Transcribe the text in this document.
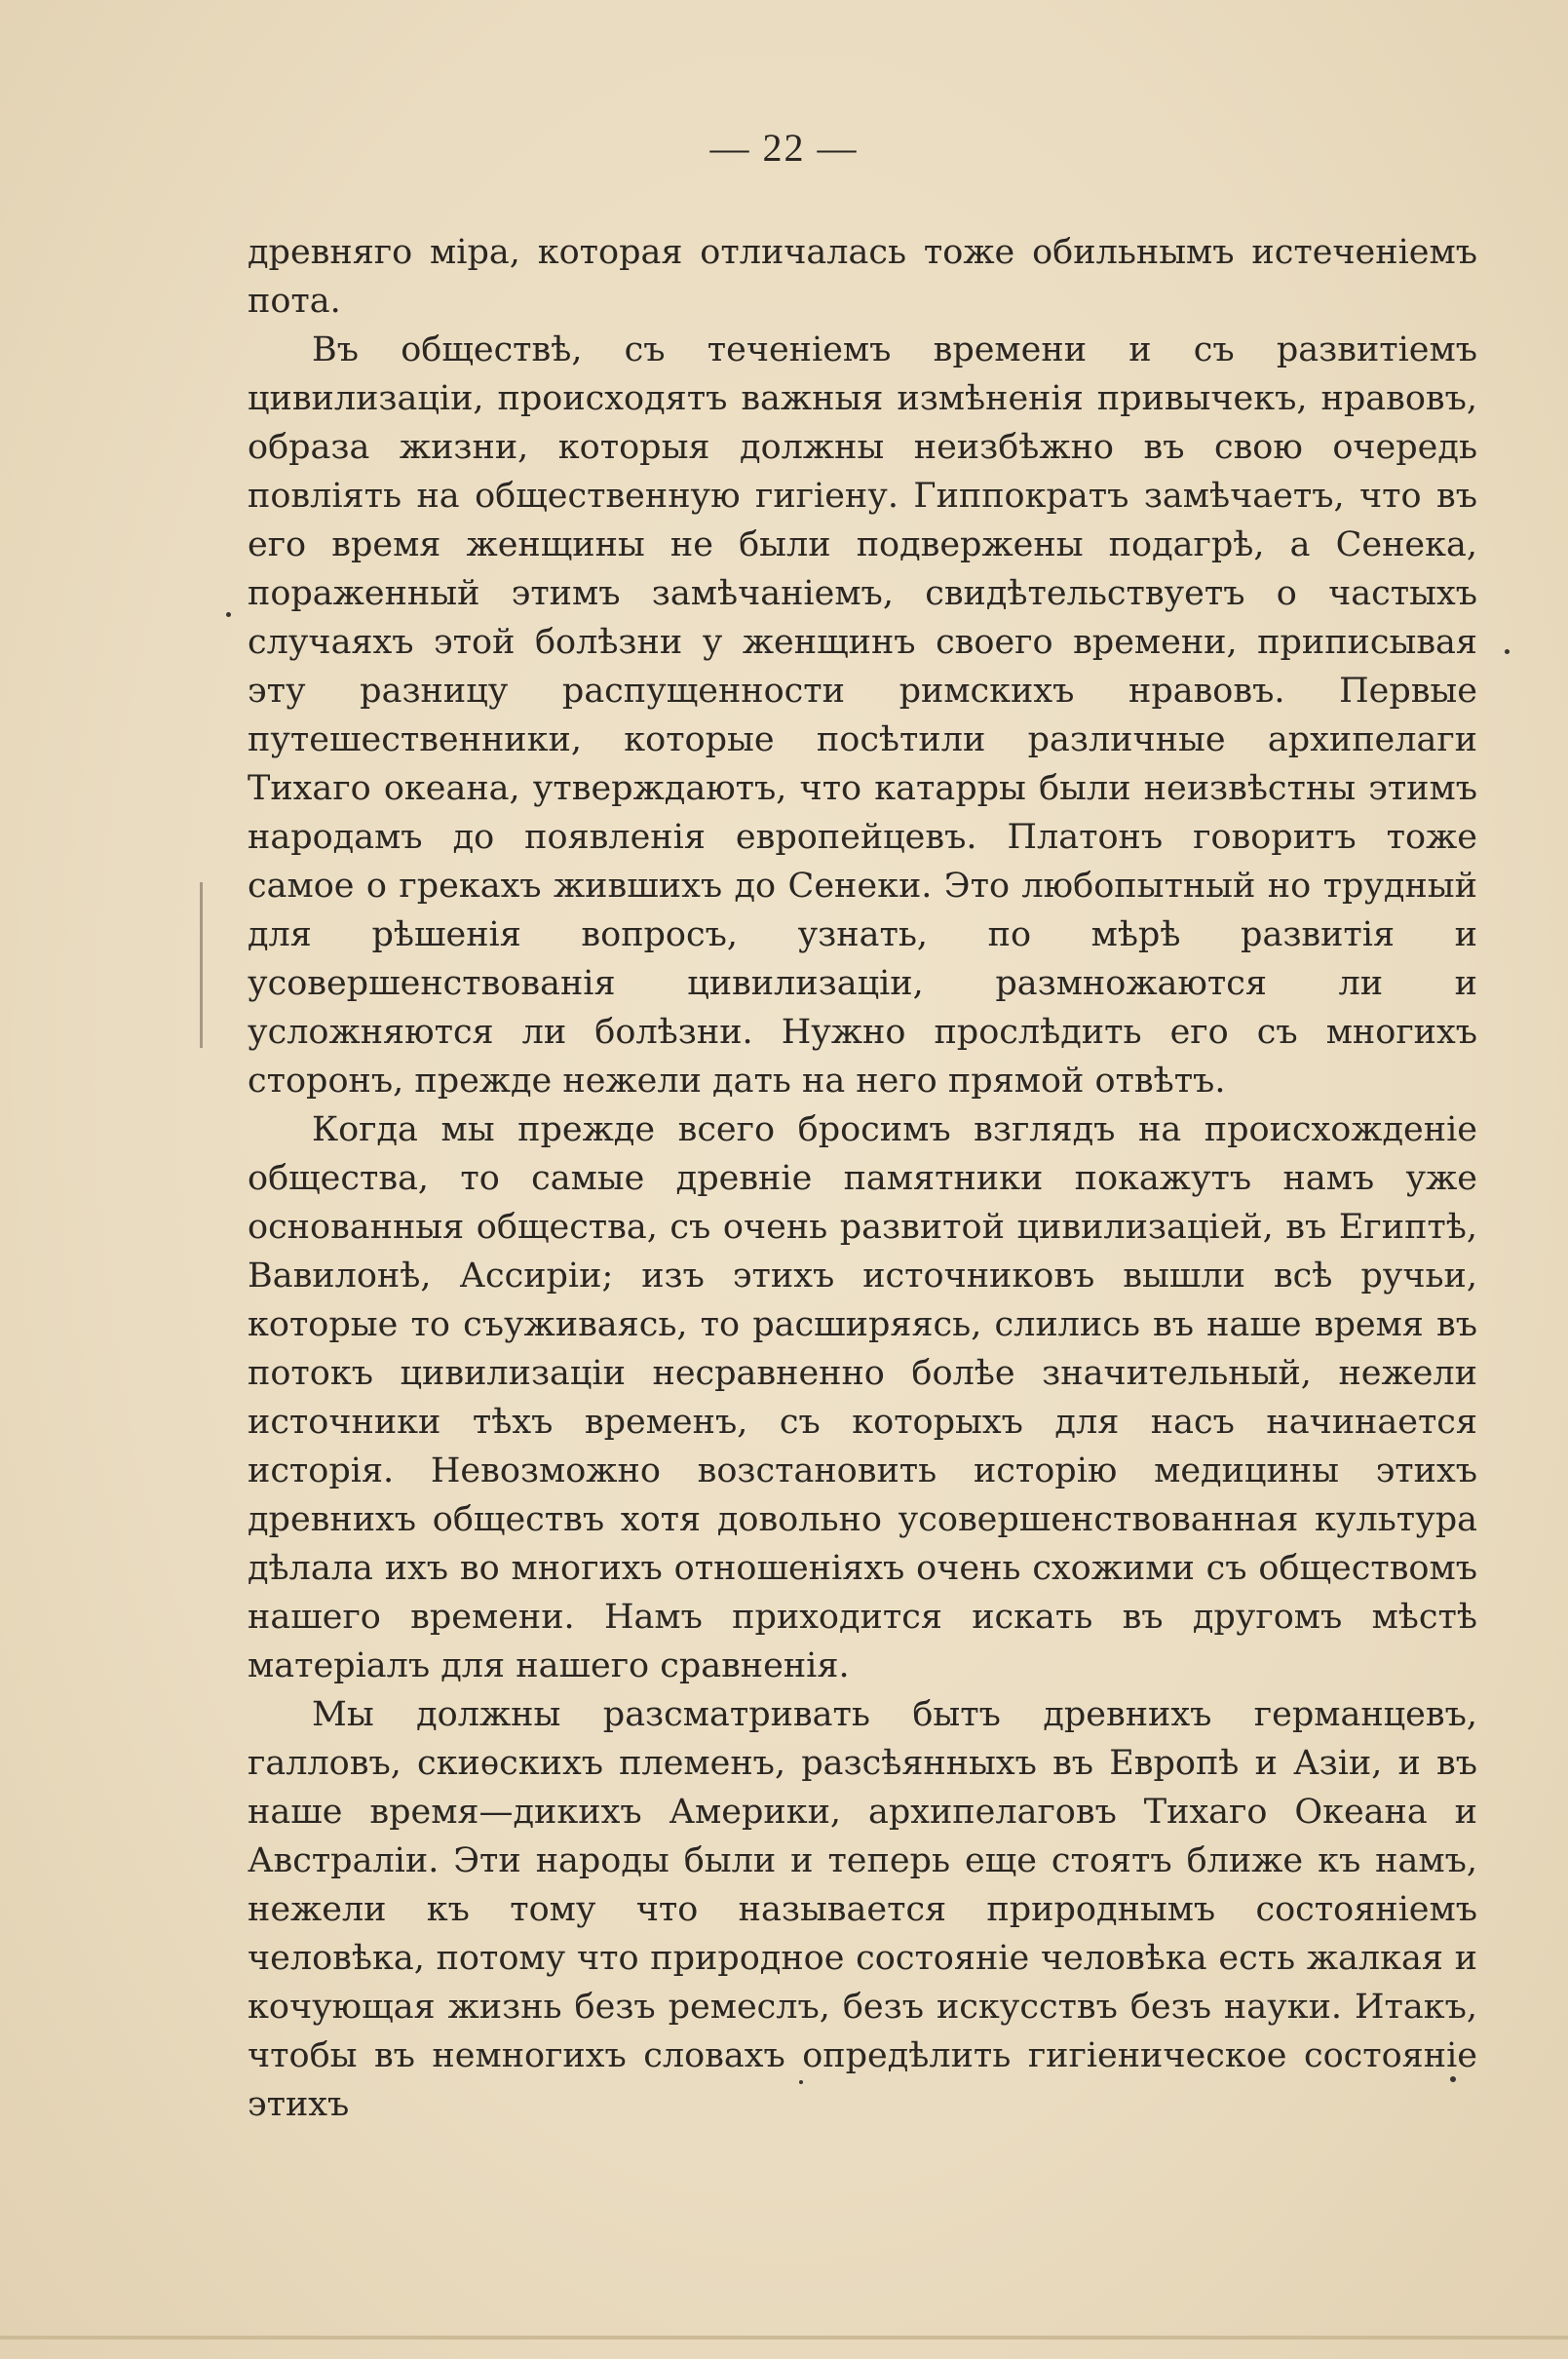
— 22 —

древняго міра, которая отличалась тоже обильнымъ истеченіемъ пота.

Въ обществѣ, съ теченіемъ времени и съ развитіемъ цивилизаціи, происходятъ важныя измѣненія привычекъ, нравовъ, образа жизни, которыя должны неизбѣжно въ свою очередь повліять на общественную гигіену. Гиппократъ замѣчаетъ, что въ его время женщины не были подвержены подагрѣ, а Сенека, пораженный этимъ замѣчаніемъ, свидѣтельствуетъ о частыхъ случаяхъ этой болѣзни у женщинъ своего времени, приписывая эту разницу распущенности римскихъ нравовъ. Первые путешественники, которые посѣтили различные архипелаги Тихаго океана, утверждаютъ, что катарры были неизвѣстны этимъ народамъ до появленія европейцевъ. Платонъ говоритъ тоже самое о грекахъ жившихъ до Сенеки. Это любопытный но трудный для рѣшенія вопросъ, узнать, по мѣрѣ развитія и усовершенствованія цивилизаціи, размножаются ли и усложняются ли болѣзни. Нужно прослѣдить его съ многихъ сторонъ, прежде нежели дать на него прямой отвѣтъ.

Когда мы прежде всего бросимъ взглядъ на происхожденіе общества, то самые древніе памятники покажутъ намъ уже основанныя общества, съ очень развитой цивилизаціей, въ Египтѣ, Вавилонѣ, Ассиріи; изъ этихъ источниковъ вышли всѣ ручьи, которые то съуживаясь, то расширяясь, слились въ наше время въ потокъ цивилизаціи несравненно болѣе значительный, нежели источники тѣхъ временъ, съ которыхъ для насъ начинается исторія. Невозможно возстановить исторію медицины этихъ древнихъ обществъ хотя довольно усовершенствованная культура дѣлала ихъ во многихъ отношеніяхъ очень схожими съ обществомъ нашего времени. Намъ приходится искать въ другомъ мѣстѣ матеріалъ для нашего сравненія.

Мы должны разсматривать бытъ древнихъ германцевъ, галловъ, скиѳскихъ племенъ, разсѣянныхъ въ Европѣ и Азіи, и въ наше время—дикихъ Америки, архипелаговъ Тихаго Океана и Австраліи. Эти народы были и теперь еще стоятъ ближе къ намъ, нежели къ тому что называется природнымъ состояніемъ человѣка, потому что природное состояніе человѣка есть жалкая и кочующая жизнь безъ ремеслъ, безъ искусствъ безъ науки. Итакъ, чтобы въ немногихъ словахъ опредѣлить гигіеническое состояніе этихъ
